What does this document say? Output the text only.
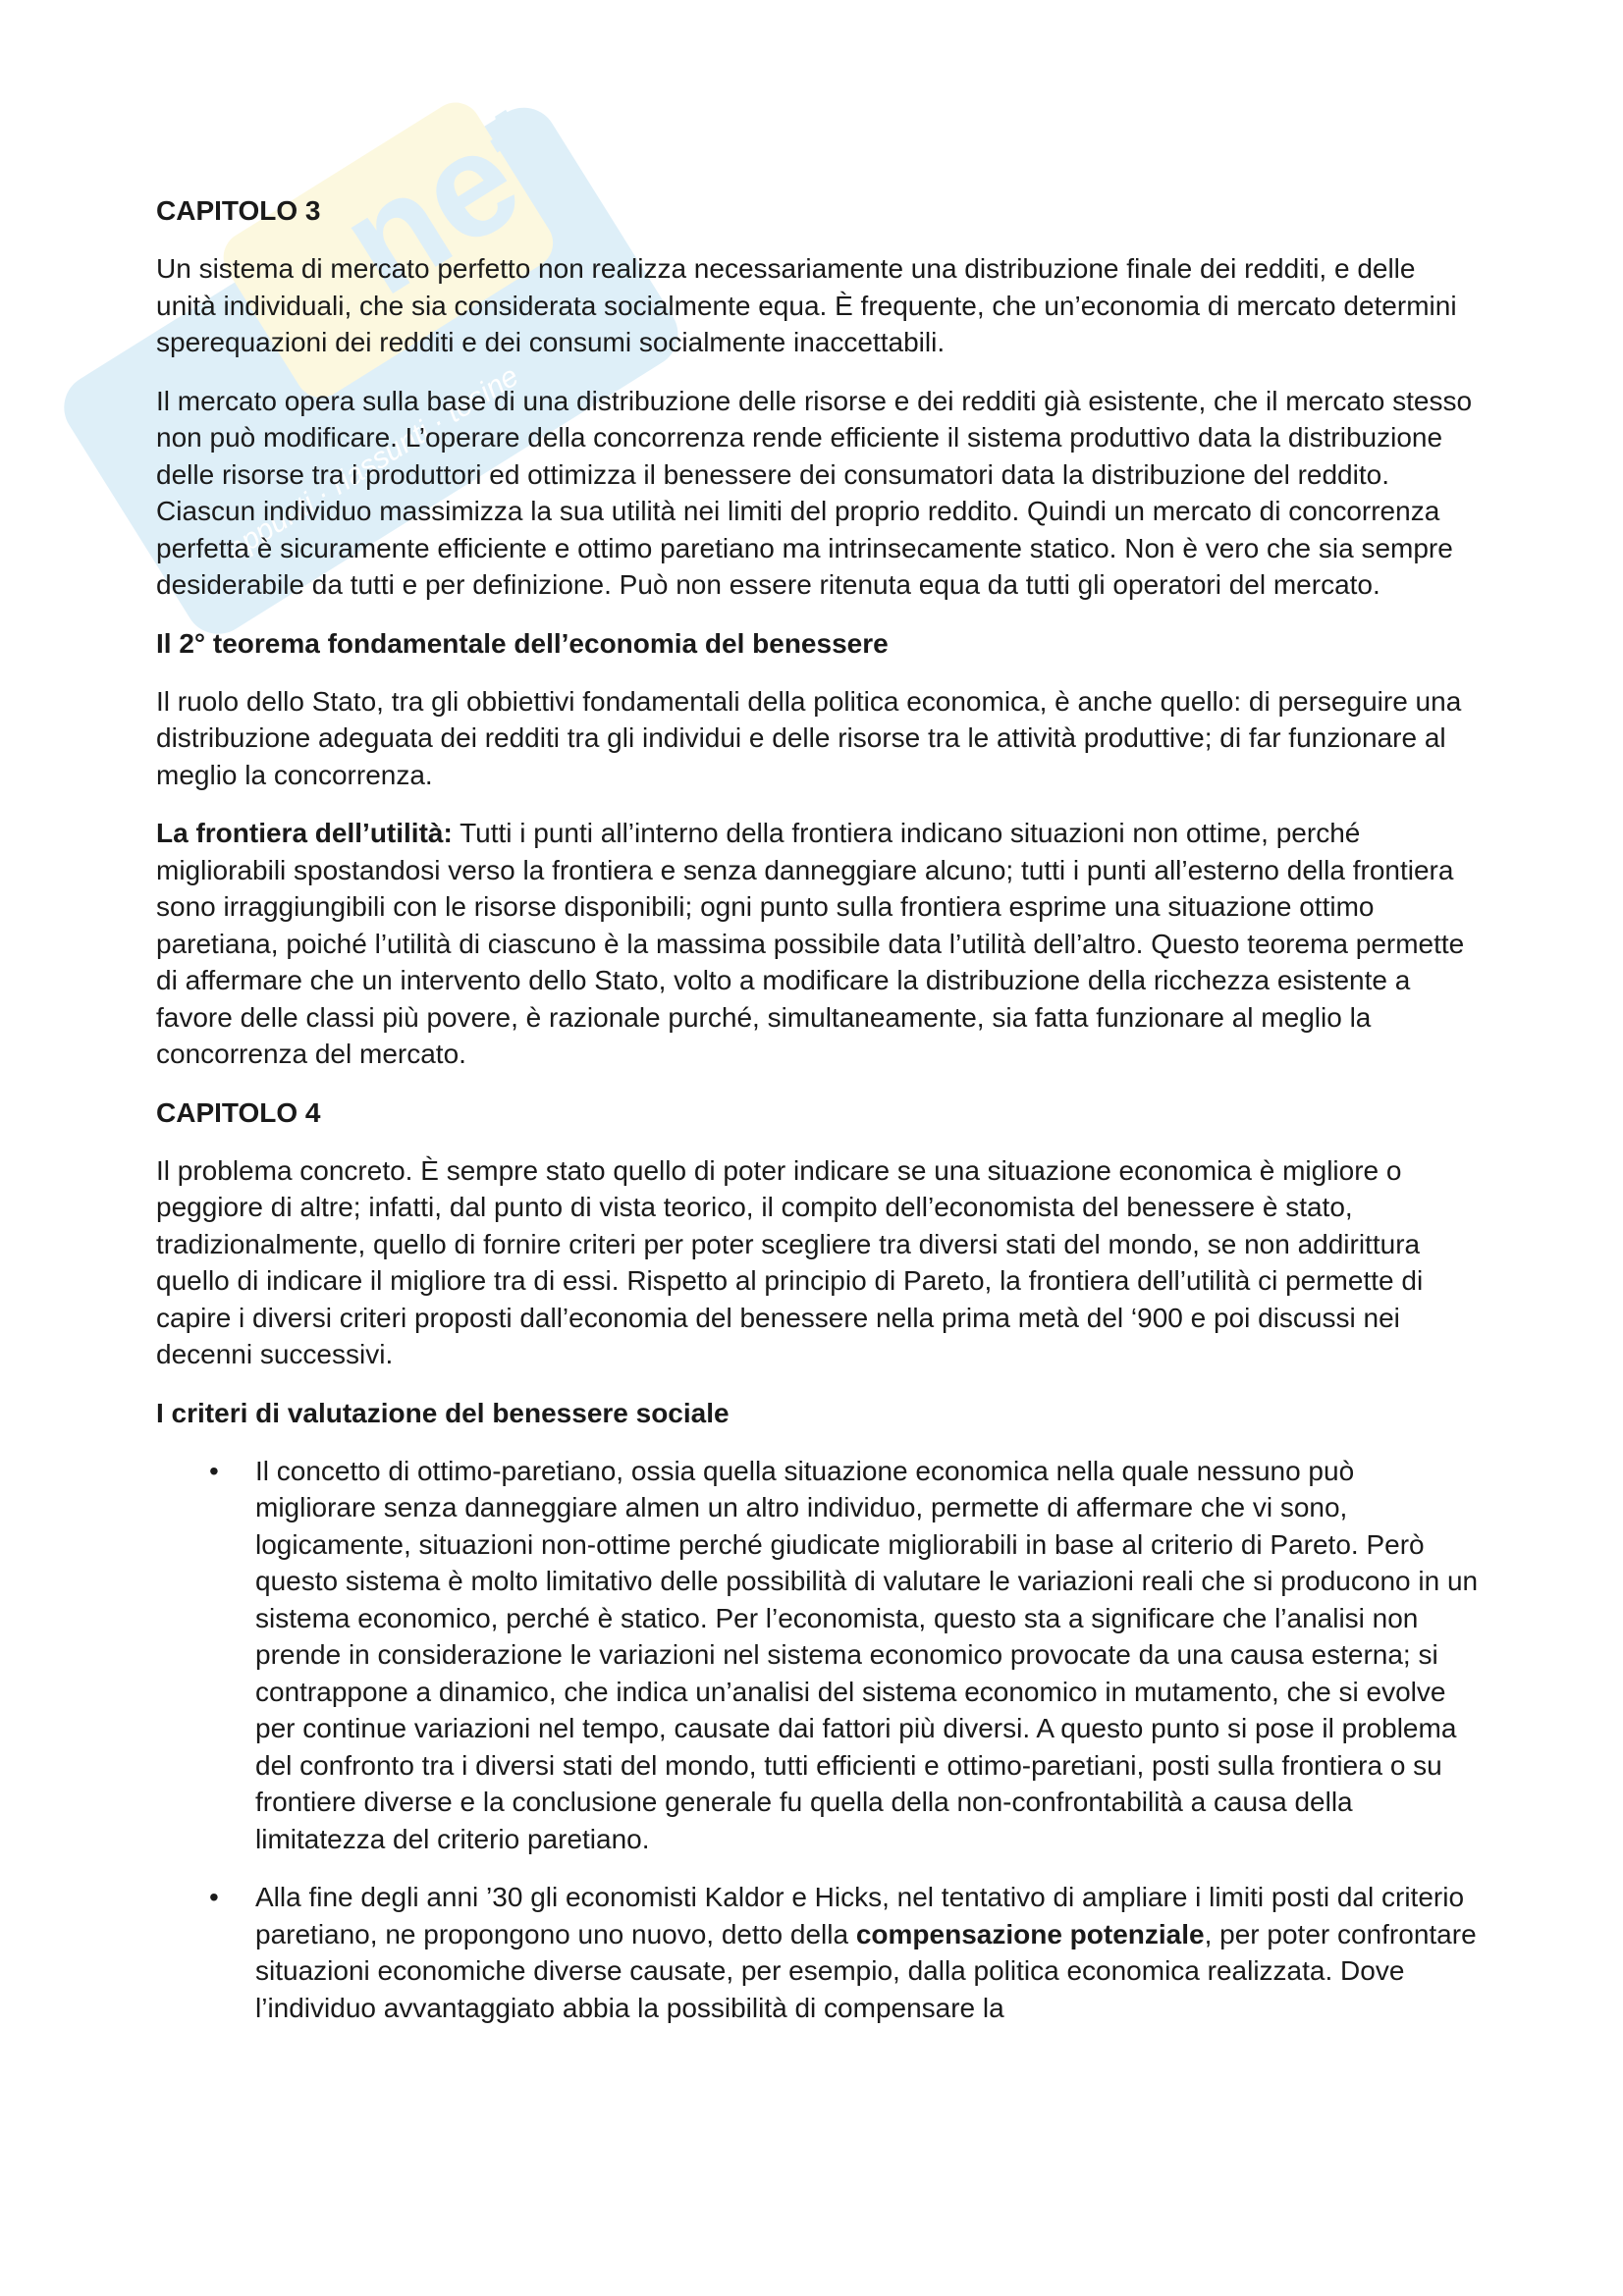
net
appunti · riassunti · tesine
CAPITOLO 3

Un sistema di mercato perfetto non realizza necessariamente una distribuzione finale dei redditi, e delle unità individuali, che sia considerata socialmente equa. È frequente, che un’economia di mercato determini sperequazioni dei redditi e dei consumi socialmente inaccettabili.

Il mercato opera sulla base di una distribuzione delle risorse e dei redditi già esistente, che il mercato stesso non può modificare. L’operare della concorrenza rende efficiente il sistema produttivo data la distribuzione delle risorse tra i produttori ed ottimizza il benessere dei consumatori data la distribuzione del reddito. Ciascun individuo massimizza la sua utilità nei limiti del proprio reddito. Quindi un mercato di concorrenza perfetta è sicuramente efficiente e ottimo paretiano ma intrinsecamente statico. Non è vero che sia sempre desiderabile da tutti e per definizione. Può non essere ritenuta equa da tutti gli operatori del mercato.

Il 2° teorema fondamentale dell’economia del benessere

Il ruolo dello Stato, tra gli obbiettivi fondamentali della politica economica, è anche quello: di perseguire una distribuzione adeguata dei redditi tra gli individui e delle risorse tra le attività produttive; di far funzionare al meglio la concorrenza.

La frontiera dell’utilità: Tutti i punti all’interno della frontiera indicano situazioni non ottime, perché migliorabili spostandosi verso la frontiera e senza danneggiare alcuno; tutti i punti all’esterno della frontiera sono irraggiungibili con le risorse disponibili; ogni punto sulla frontiera esprime una situazione ottimo paretiana, poiché l’utilità di ciascuno è la massima possibile data l’utilità dell’altro. Questo teorema permette di affermare che un intervento dello Stato, volto a modificare la distribuzione della ricchezza esistente a favore delle classi più povere, è razionale purché, simultaneamente, sia fatta funzionare al meglio la concorrenza del mercato.

CAPITOLO 4

Il problema concreto. È sempre stato quello di poter indicare se una situazione economica è migliore o peggiore di altre; infatti, dal punto di vista teorico, il compito dell’economista del benessere è stato, tradizionalmente, quello di fornire criteri per poter scegliere tra diversi stati del mondo, se non addirittura quello di indicare il migliore tra di essi. Rispetto al principio di Pareto, la frontiera dell’utilità ci permette di capire i diversi criteri proposti dall’economia del benessere nella prima metà del ‘900 e poi discussi nei decenni successivi.

I criteri di valutazione del benessere sociale
• Il concetto di ottimo-paretiano, ossia quella situazione economica nella quale nessuno può migliorare senza danneggiare almen un altro individuo, permette di affermare che vi sono, logicamente, situazioni non-ottime perché giudicate migliorabili in base al criterio di Pareto. Però questo sistema è molto limitativo delle possibilità di valutare le variazioni reali che si producono in un sistema economico, perché è statico. Per l’economista, questo sta a significare che l’analisi non prende in considerazione le variazioni nel sistema economico provocate da una causa esterna; si contrappone a dinamico, che indica un’analisi del sistema economico in mutamento, che si evolve per continue variazioni nel tempo, causate dai fattori più diversi. A questo punto si pose il problema del confronto tra i diversi stati del mondo, tutti efficienti e ottimo-paretiani, posti sulla frontiera o su frontiere diverse e la conclusione generale fu quella della non-confrontabilità a causa della limitatezza del criterio paretiano.
• Alla fine degli anni ’30 gli economisti Kaldor e Hicks, nel tentativo di ampliare i limiti posti dal criterio paretiano, ne propongono uno nuovo, detto della compensazione potenziale, per poter confrontare situazioni economiche diverse causate, per esempio, dalla politica economica realizzata. Dove l’individuo avvantaggiato abbia la possibilità di compensare la
